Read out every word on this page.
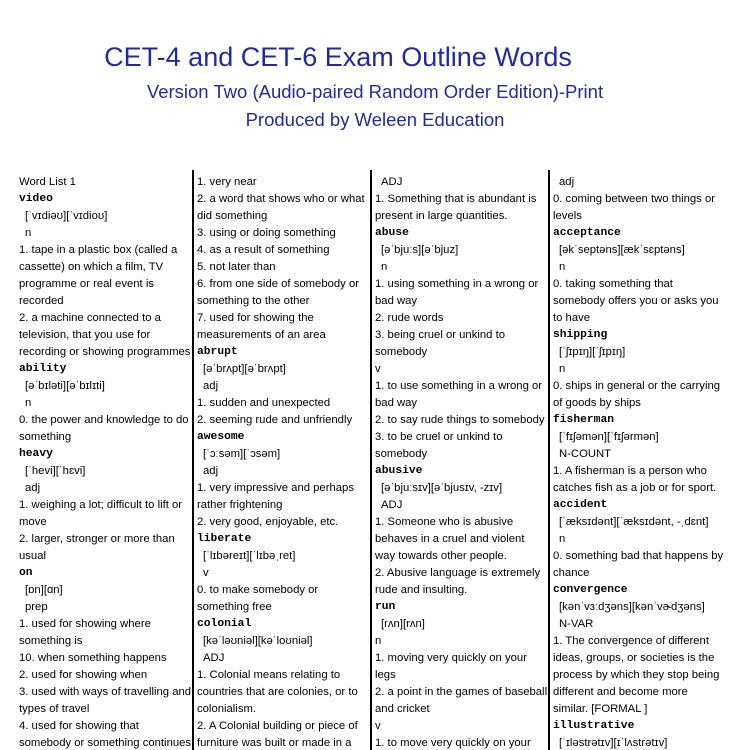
CET-4 and CET-6 Exam Outline Words
Version Two (Audio-paired Random Order Edition)-Print
Produced by Weleen Education
Word List 1
video
[ˈvɪdiəʊ][ˈvɪdioʊ]
n
1. tape in a plastic box (called a
cassette) on which a film, TV
programme or real event is
recorded
2. a machine connected to a
television, that you use for
recording or showing programmes
ability
[əˈbɪləti][əˈbɪlɪti]
n
0. the power and knowledge to do
something
heavy
[ˈhevi][ˈhɛvi]
adj
1. weighing a lot; difficult to lift or
move
2. larger, stronger or more than
usual
on
[ɒn][ɑn]
prep
1. used for showing where
something is
10. when something happens
2. used for showing when
3. used with ways of travelling and
types of travel
4. used for showing that
somebody or something continues
1. very near
2. a word that shows who or what
did something
3. using or doing something
4. as a result of something
5. not later than
6. from one side of somebody or
something to the other
7. used for showing the
measurements of an area
abrupt
[əˈbrʌpt][əˈbrʌpt]
adj
1. sudden and unexpected
2. seeming rude and unfriendly
awesome
[ˈɔːsəm][ˈɔsəm]
adj
1. very impressive and perhaps
rather frightening
2. very good, enjoyable, etc.
liberate
[ˈlɪbəreɪt][ˈlɪbəˌret]
v
0. to make somebody or
something free
colonial
[kəˈləʊniəl][kəˈloʊniəl]
ADJ
1. Colonial means relating to
countries that are colonies, or to
colonialism.
2. A Colonial building or piece of
furniture was built or made in a
ADJ
1. Something that is abundant is
present in large quantities.
abuse
[əˈbjuːs][əˈbjuz]
n
1. using something in a wrong or
bad way
2. rude words
3. being cruel or unkind to
somebody
v
1. to use something in a wrong or
bad way
2. to say rude things to somebody
3. to be cruel or unkind to
somebody
abusive
[əˈbjuːsɪv][əˈbjusɪv, -zɪv]
ADJ
1. Someone who is abusive
behaves in a cruel and violent
way towards other people.
2. Abusive language is extremely
rude and insulting.
run
[rʌn][rʌn]
n
1. moving very quickly on your
legs
2. a point in the games of baseball
and cricket
v
1. to move very quickly on your
adj
0. coming between two things or
levels
acceptance
[əkˈseptəns][ækˈsɛptəns]
n
0. taking something that
somebody offers you or asks you
to have
shipping
[ˈʃɪpɪŋ][ˈʃɪpɪŋ]
n
0. ships in general or the carrying
of goods by ships
fisherman
[ˈfɪʃəmən][ˈfɪʃərmən]
N-COUNT
1. A fisherman is a person who
catches fish as a job or for sport.
accident
[ˈæksɪdənt][ˈæksɪdənt, -ˌdɛnt]
n
0. something bad that happens by
chance
convergence
[kənˈvɜːdʒəns][kənˈvɚdʒəns]
N-VAR
1. The convergence of different
ideas, groups, or societies is the
process by which they stop being
different and become more
similar. [FORMAL ]
illustrative
[ˈɪləstrətɪv][ɪˈlʌstrətɪv]
